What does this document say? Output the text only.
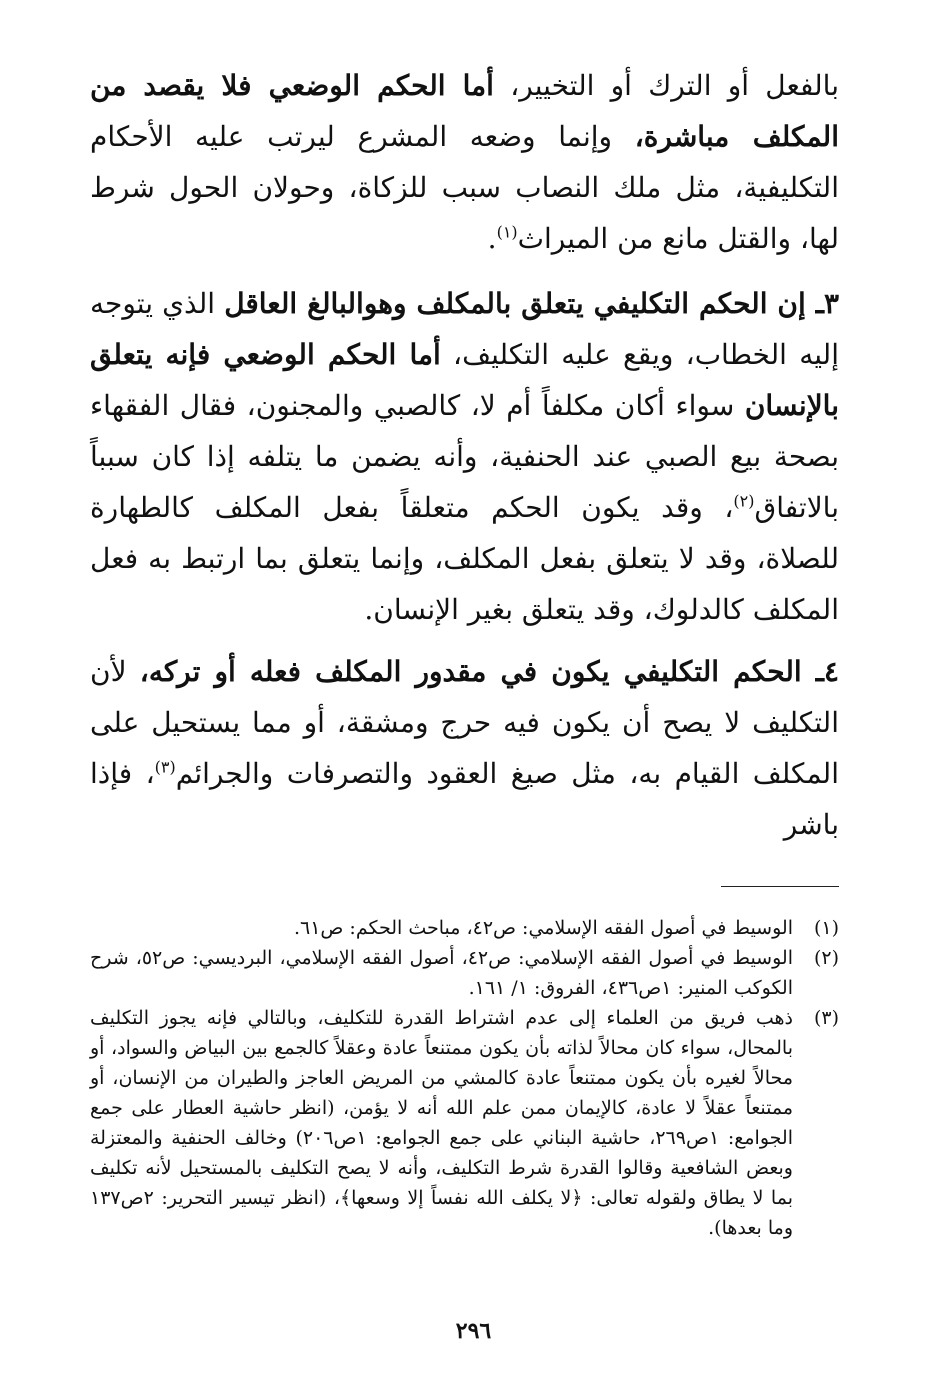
بالفعل أو الترك أو التخيير، أما الحكم الوضعي فلا يقصد من المكلف مباشرة، وإنما وضعه المشرع ليرتب عليه الأحكام التكليفية، مثل ملك النصاب سبب للزكاة، وحولان الحول شرط لها، والقتل مانع من الميراث$^{(١)}$.

٣ـ إن الحكم التكليفي يتعلق بالمكلف وهوالبالغ العاقل الذي يتوجه إليه الخطاب، ويقع عليه التكليف، أما الحكم الوضعي فإنه يتعلق بالإنسان سواء أكان مكلفاً أم لا، كالصبي والمجنون، فقال الفقهاء بصحة بيع الصبي عند الحنفية، وأنه يضمن ما يتلفه إذا كان سبباً بالاتفاق$^{(٢)}$، وقد يكون الحكم متعلقاً بفعل المكلف كالطهارة للصلاة، وقد لا يتعلق بفعل المكلف، وإنما يتعلق بما ارتبط به فعل المكلف كالدلوك، وقد يتعلق بغير الإنسان.

٤ـ الحكم التكليفي يكون في مقدور المكلف فعله أو تركه، لأن التكليف لا يصح أن يكون فيه حرج ومشقة، أو مما يستحيل على المكلف القيام به، مثل صيغ العقود والتصرفات والجرائم$^{(٣)}$، فإذا باشر

(١)
الوسيط في أصول الفقه الإسلامي: ص٤٢، مباحث الحكم: ص٦١.
(٢)
الوسيط في أصول الفقه الإسلامي: ص٤٢، أصول الفقه الإسلامي، البرديسي: ص٥٢، شرح الكوكب المنير: ١ص٤٣٦، الفروق: ١/ ١٦١.
(٣)
ذهب فريق من العلماء إلى عدم اشتراط القدرة للتكليف، وبالتالي فإنه يجوز التكليف بالمحال، سواء كان محالاً لذاته بأن يكون ممتنعاً عادة وعقلاً كالجمع بين البياض والسواد، أو محالاً لغيره بأن يكون ممتنعاً عادة كالمشي من المريض العاجز والطيران من الإنسان، أو ممتنعاً عقلاً لا عادة، كالإيمان ممن علم الله أنه لا يؤمن، (انظر حاشية العطار على جمع الجوامع: ١ص٢٦٩، حاشية البناني على جمع الجوامع: ١ص٢٠٦) وخالف الحنفية والمعتزلة وبعض الشافعية وقالوا القدرة شرط التكليف، وأنه لا يصح التكليف بالمستحيل لأنه تكليف بما لا يطاق ولقوله تعالى: ﴿لا يكلف الله نفساً إلا وسعها﴾، (انظر تيسير التحرير: ٢ص١٣٧ وما بعدها).
٢٩٦
